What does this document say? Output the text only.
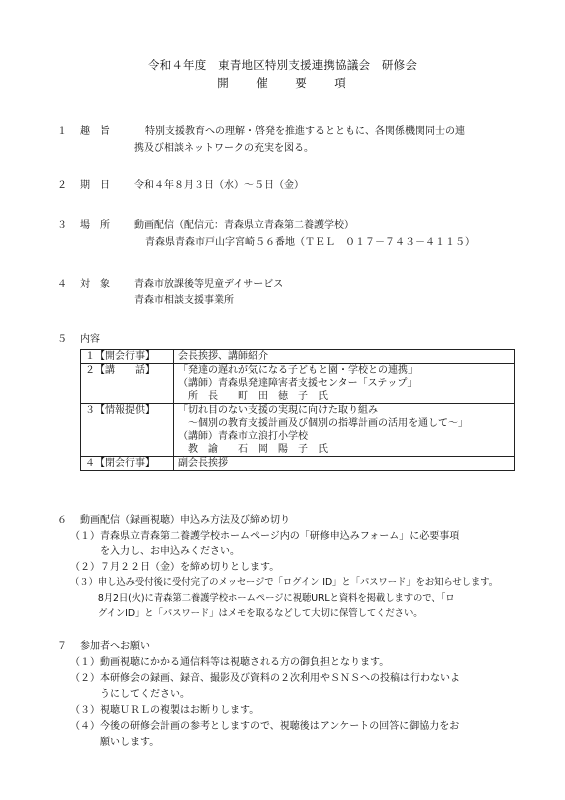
令和４年度　東青地区特別支援連携協議会　研修会
開　催　要　項
１ 趣　旨	特別支援教育への理解・啓発を推進するとともに、各関係機関同士の連
携及び相談ネットワークの充実を図る。
２ 期　日 令和４年８月３日（水）～５日（金）
３ 場　所 動画配信（配信元：青森県立青森第二養護学校）
青森県青森市戸山字宮崎５６番地（ＴＥＬ　０１７－７４３－４１１５）
４ 対　象 青森市放課後等児童デイサービス
青森市相談支援事業所
５ 内容
１【開会行事】	会長挨拶、講師紹介

２【講　　話】	「発達の遅れが気になる子どもと園・学校との連携」
（講師）青森県発達障害者支援センター「ステップ」
　所　長　　町　田　徳　子　氏

３【情報提供】	「切れ目のない支援の実現に向けた取り組み
　～個別の教育支援計画及び個別の指導計画の活用を通して～」
（講師）青森市立浪打小学校
　教　諭　　石　岡　陽　子　氏

４【閉会行事】	副会長挨拶
６ 動画配信（録画視聴）申込み方法及び締め切り
（１）青森県立青森第二養護学校ホームページ内の「研修申込みフォーム」に必要事項
　　　を入力し、お申込みください。
（２）７月２２日（金）を締め切りとします。
（３）申し込み受付後に受付完了のメッセージで「ログイン ID」と「パスワード」をお知らせします。
　　　8月2日(火)に青森第二養護学校ホームページに視聴URLと資料を掲載しますので、「ロ
　　　グインID」と「パスワード」はメモを取るなどして大切に保管してください。
７ 参加者へお願い
（１）動画視聴にかかる通信料等は視聴される方の御負担となります。
（２）本研修会の録画、録音、撮影及び資料の２次利用やＳＮＳへの投稿は行わないよ
　　　うにしてください。
（３）視聴ＵＲＬの複製はお断りします。
（４）今後の研修会計画の参考としますので、視聴後はアンケートの回答に御協力をお
　　　願いします。
